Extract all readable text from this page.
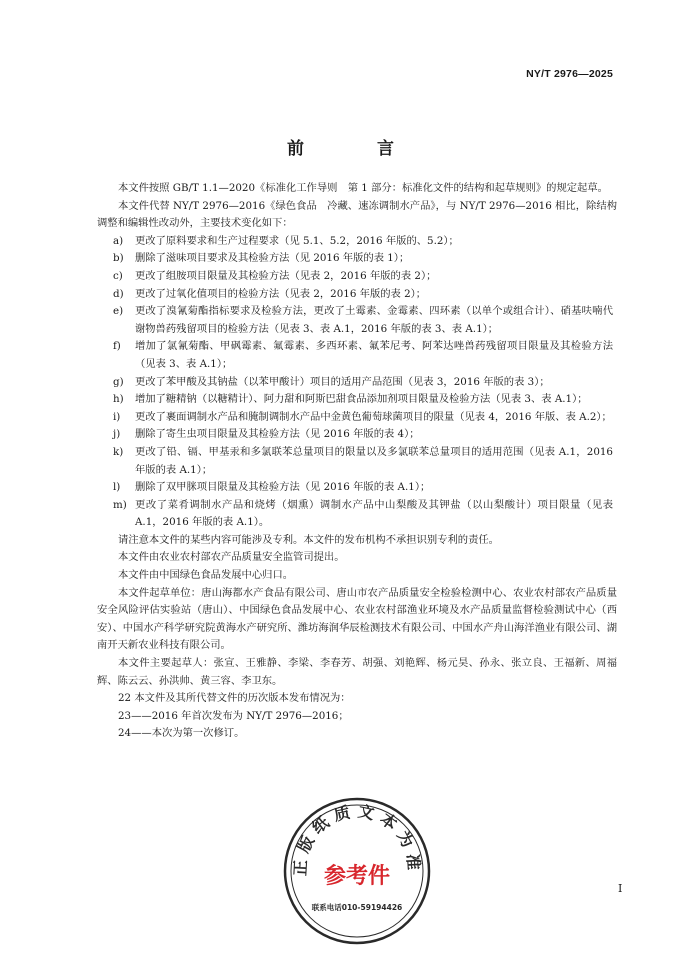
NY/T 2976—2025
前　言

本文件按照 GB/T 1.1—2020《标准化工作导则　第 1 部分：标准化文件的结构和起草规则》的规定起草。

本文件代替 NY/T 2976—2016《绿色食品　冷藏、速冻调制水产品》，与 NY/T 2976—2016 相比，除结构调整和编辑性改动外，主要技术变化如下：

a) 更改了原料要求和生产过程要求（见 5.1、5.2，2016 年版的、5.2）；
b) 删除了滋味项目要求及其检验方法（见 2016 年版的表 1）；
c) 更改了组胺项目限量及其检验方法（见表 2，2016 年版的表 2）；
d) 更改了过氧化值项目的检验方法（见表 2，2016 年版的表 2）；
e) 更改了溴氰菊酯指标要求及检验方法，更改了土霉素、金霉素、四环素（以单个或组合计）、硝基呋喃代谢物兽药残留项目的检验方法（见表 3、表 A.1，2016 年版的表 3、表 A.1）；
f) 增加了氯氰菊酯、甲砜霉素、氟霉素、多西环素、氟苯尼考、阿苯达唑兽药残留项目限量及其检验方法（见表 3、表 A.1）；
g) 更改了苯甲酸及其钠盐（以苯甲酸计）项目的适用产品范围（见表 3，2016 年版的表 3）；
h) 增加了糖精钠（以糖精计）、阿力甜和阿斯巴甜食品添加剂项目限量及检验方法（见表 3、表 A.1）；
i) 更改了裹面调制水产品和腌制调制水产品中金黄色葡萄球菌项目的限量（见表 4，2016 年版、表 A.2）；
j) 删除了寄生虫项目限量及其检验方法（见 2016 年版的表 4）；
k) 更改了铅、镉、甲基汞和多氯联苯总量项目的限量以及多氯联苯总量项目的适用范围（见表 A.1，2016 年版的表 A.1）；
l) 删除了双甲脒项目限量及其检验方法（见 2016 年版的表 A.1）；
m) 更改了菜肴调制水产品和烧烤（烟熏）调制水产品中山梨酸及其钾盐（以山梨酸计）项目限量（见表 A.1，2016 年版的表 A.1）。

请注意本文件的某些内容可能涉及专利。本文件的发布机构不承担识别专利的责任。

本文件由农业农村部农产品质量安全监管司提出。

本文件由中国绿色食品发展中心归口。

本文件起草单位：唐山海都水产食品有限公司、唐山市农产品质量安全检验检测中心、农业农村部农产品质量安全风险评估实验站（唐山）、中国绿色食品发展中心、农业农村部渔业环境及水产品质量监督检验测试中心（西安）、中国水产科学研究院黄海水产研究所、潍坊海润华辰检测技术有限公司、中国水产舟山海洋渔业有限公司、湖南开天新农业科技有限公司。

本文件主要起草人：张宣、王雅静、李梁、李春芳、胡强、刘艳辉、杨元昊、孙永、张立良、王福新、周福辉、陈云云、孙洪帅、黄三容、李卫东。

22 本文件及其所代替文件的历次版本发布情况为：

23——2016 年首次发布为 NY/T 2976—2016；

24——本次为第一次修订。

正版纸质文本为准
参考件
联系电话010-59194426
I
